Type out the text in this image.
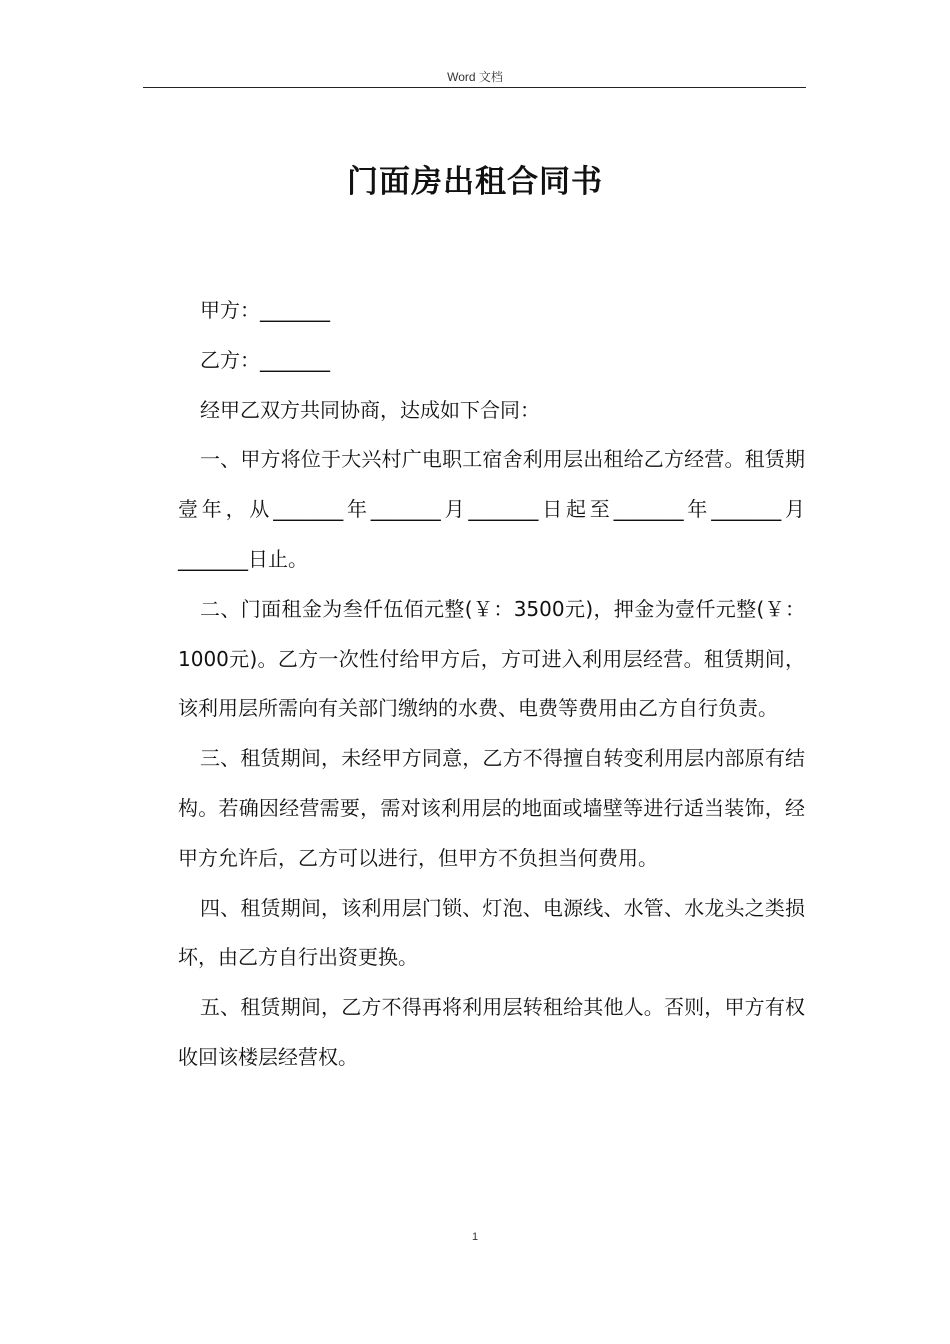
Word 文档
门面房出租合同书

甲方：_______

乙方：_______

经甲乙双方共同协商，达成如下合同：

一、甲方将位于大兴村广电职工宿舍利用层出租给乙方经营。租赁期壹年，从_______年_______月_______日起至_______年_______月_______日止。

二、门面租金为叁仟伍佰元整(￥：3500元)，押金为壹仟元整(￥：1000元)。乙方一次性付给甲方后，方可进入利用层经营。租赁期间，该利用层所需向有关部门缴纳的水费、电费等费用由乙方自行负责。

三、租赁期间，未经甲方同意，乙方不得擅自转变利用层内部原有结构。若确因经营需要，需对该利用层的地面或墙壁等进行适当装饰，经甲方允许后，乙方可以进行，但甲方不负担当何费用。

四、租赁期间，该利用层门锁、灯泡、电源线、水管、水龙头之类损坏，由乙方自行出资更换。

五、租赁期间，乙方不得再将利用层转租给其他人。否则，甲方有权收回该楼层经营权。

1
